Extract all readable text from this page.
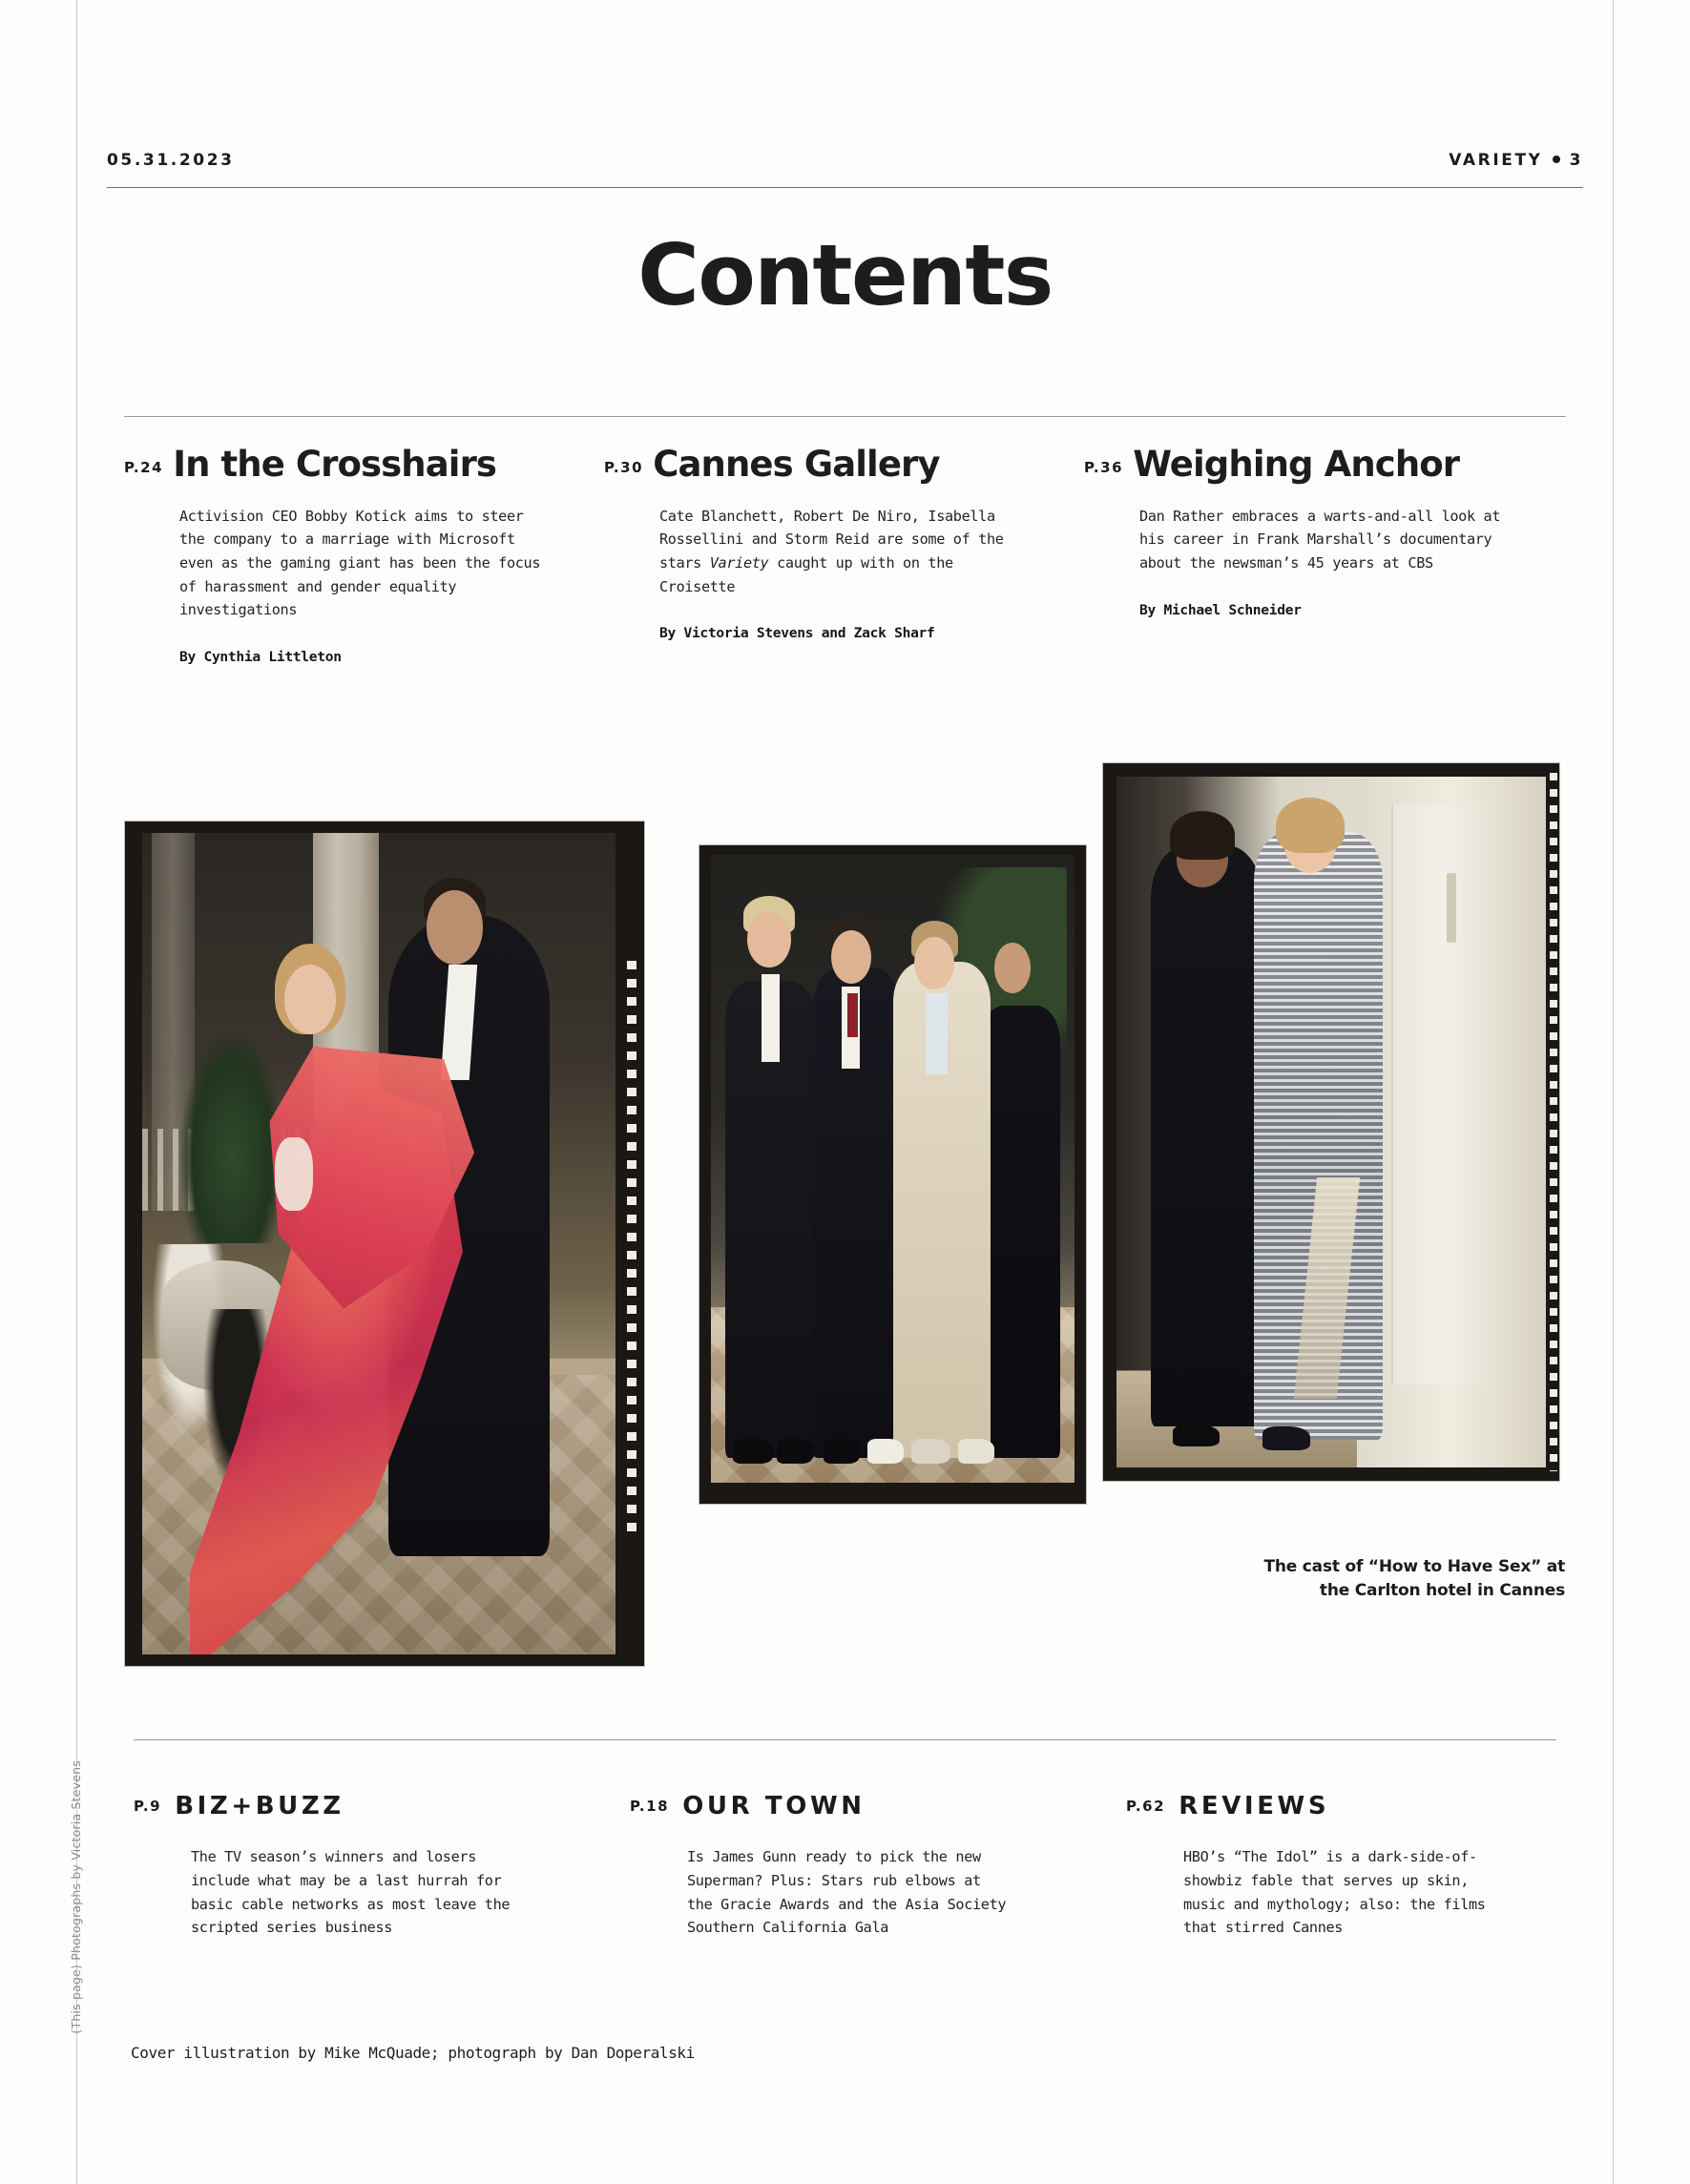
05.31.2023	VARIETY 3
Contents
P.24 In the Crosshairs
Activision CEO Bobby Kotick aims to steer the company to a marriage with Microsoft even as the gaming giant has been the focus of harassment and gender equality investigations
By Cynthia Littleton
P.30 Cannes Gallery
Cate Blanchett, Robert De Niro, Isabella Rossellini and Storm Reid are some of the stars Variety caught up with on the Croisette
By Victoria Stevens and Zack Sharf
P.36 Weighing Anchor
Dan Rather embraces a warts-and-all look at his career in Frank Marshall’s documentary about the newsman’s 45 years at CBS
By Michael Schneider
The cast of “How to Have Sex” at the Carlton hotel in Cannes
P.9 BIZ+BUZZ
The TV season’s winners and losers include what may be a last hurrah for basic cable networks as most leave the scripted series business
P.18 OUR TOWN
Is James Gunn ready to pick the new Superman? Plus: Stars rub elbows at the Gracie Awards and the Asia Society Southern California Gala
P.62 REVIEWS
HBO’s “The Idol” is a dark-side-of-showbiz fable that serves up skin, music and mythology; also: the films that stirred Cannes
Cover illustration by Mike McQuade; photograph by Dan Doperalski
(This page) Photographs by Victoria Stevens
